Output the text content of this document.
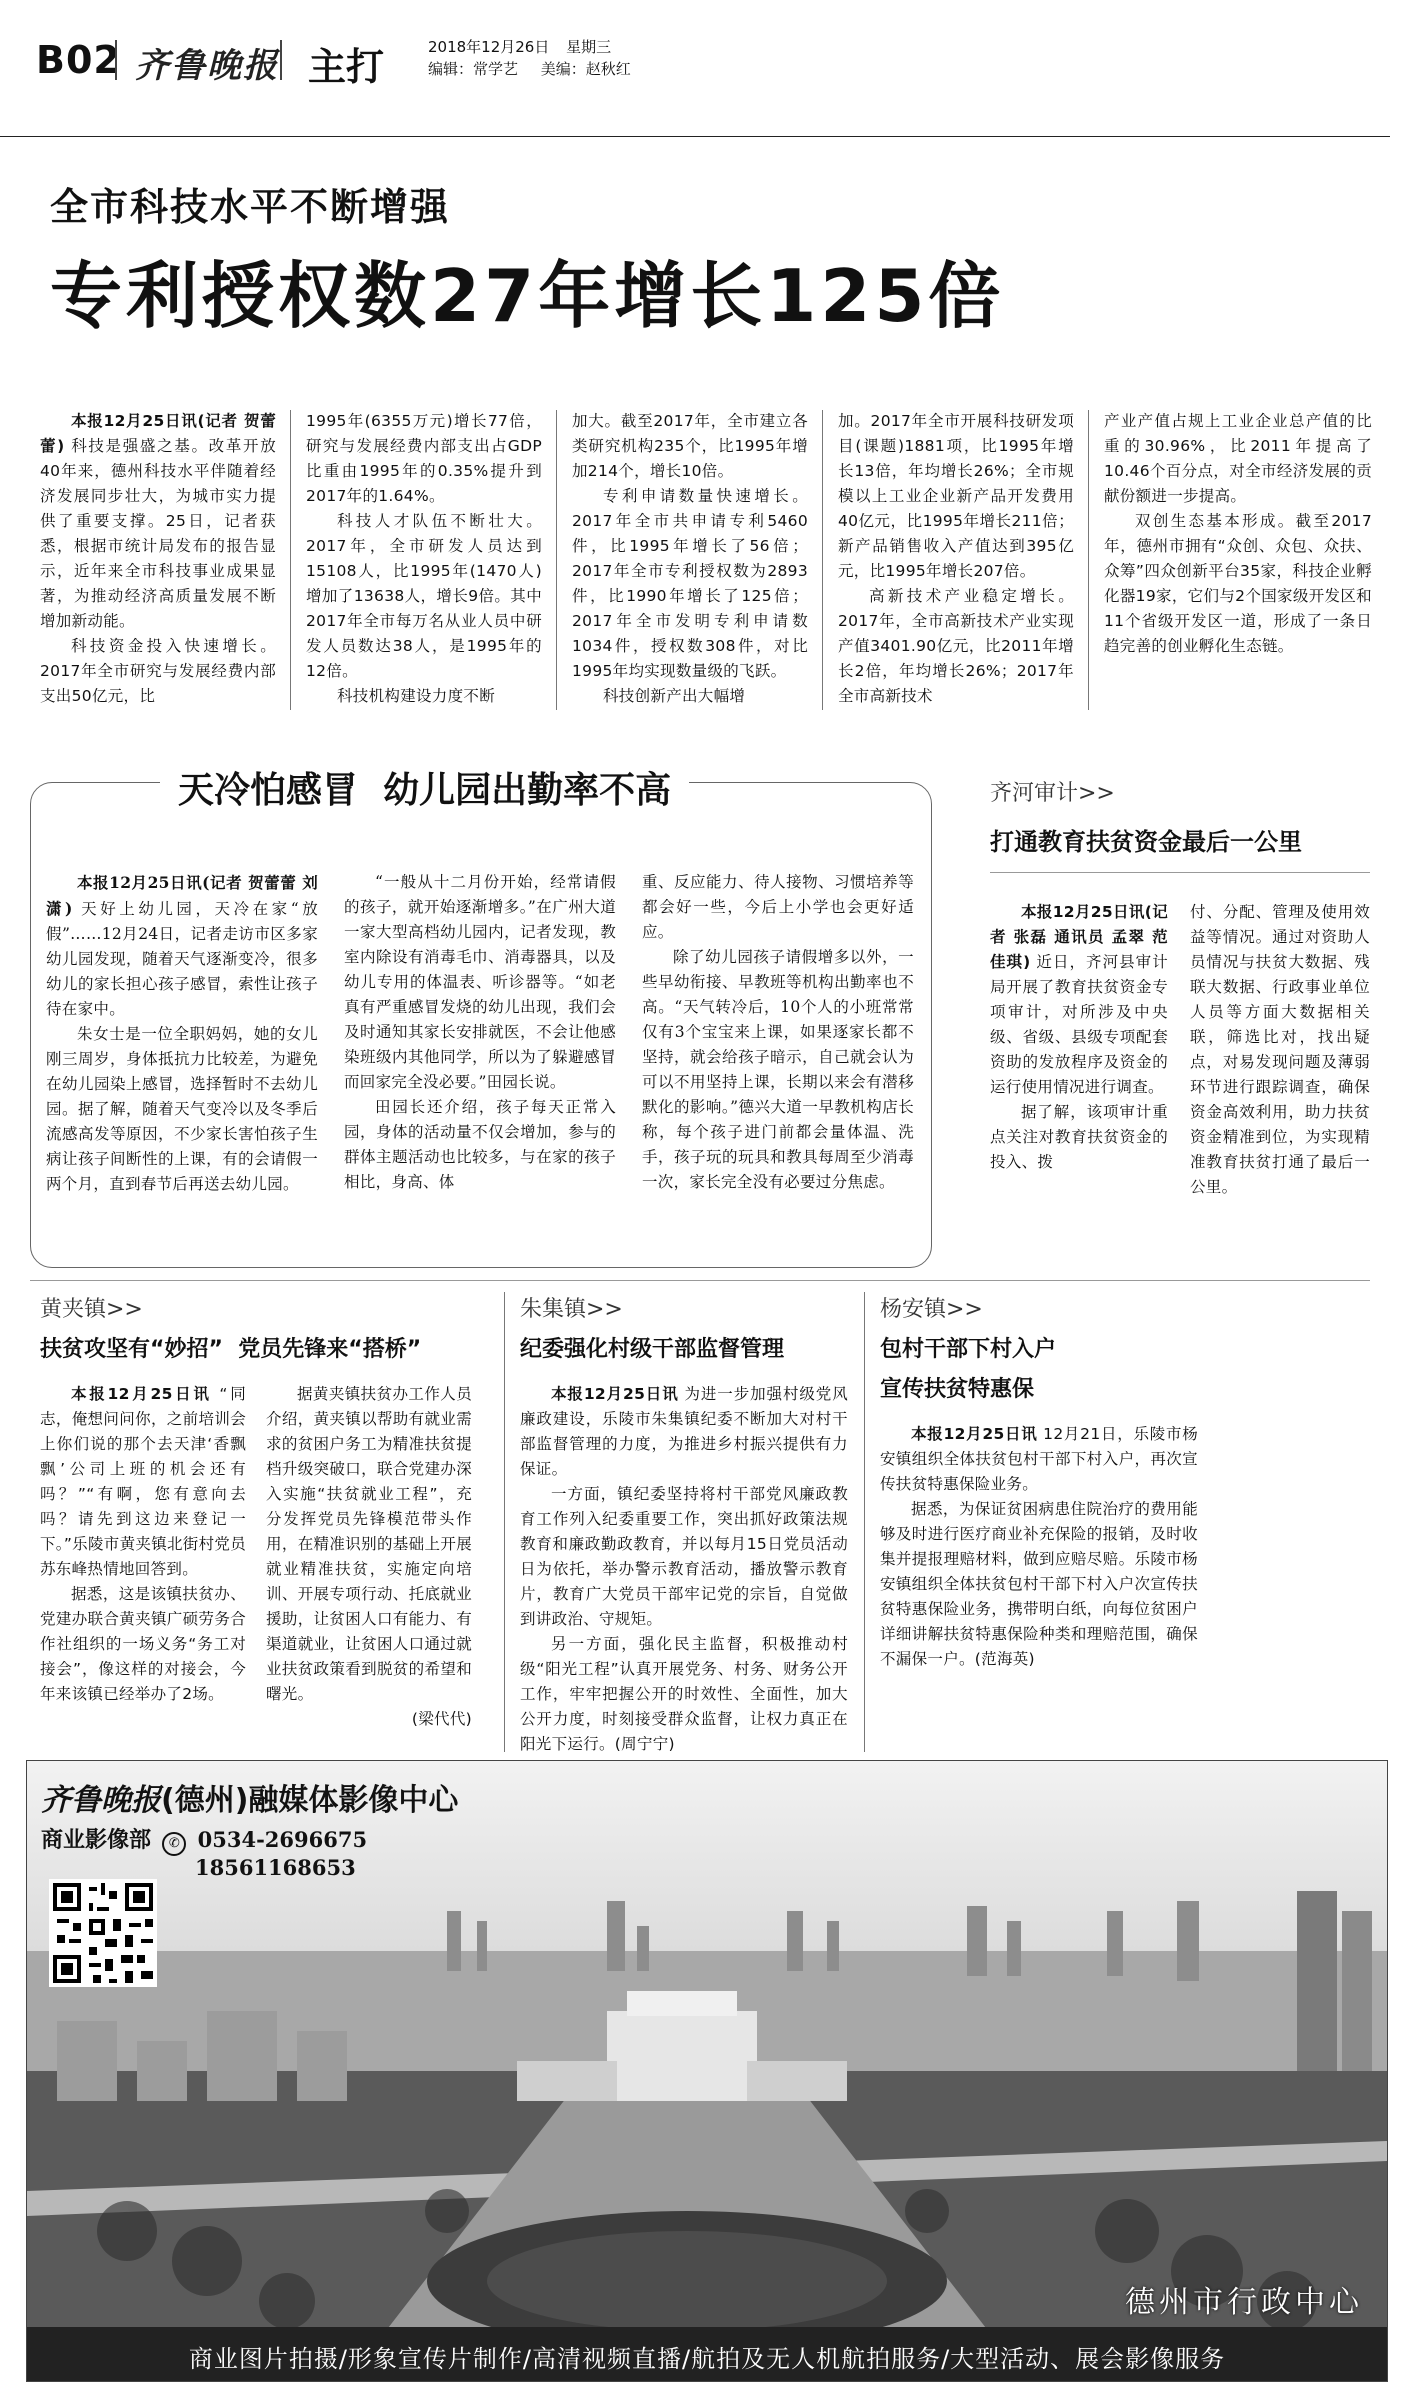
B02 齐鲁晚报 主打	2018年12月26日 星期三
编辑：常学艺 美编：赵秋红
全市科技水平不断增强
专利授权数27年增长125倍

本报12月25日讯(记者 贺蕾蕾) 科技是强盛之基。改革开放40年来，德州科技水平伴随着经济发展同步壮大，为城市实力提供了重要支撑。25日，记者获悉，根据市统计局发布的报告显示，近年来全市科技事业成果显著，为推动经济高质量发展不断增加新动能。

科技资金投入快速增长。2017年全市研究与发展经费内部支出50亿元，比

1995年(6355万元)增长77倍，研究与发展经费内部支出占GDP比重由1995年的0.35%提升到2017年的1.64%。

科技人才队伍不断壮大。2017年，全市研发人员达到15108人，比1995年(1470人)增加了13638人，增长9倍。其中2017年全市每万名从业人员中研发人员数达38人，是1995年的12倍。

科技机构建设力度不断

加大。截至2017年，全市建立各类研究机构235个，比1995年增加214个，增长10倍。

专利申请数量快速增长。2017年全市共申请专利5460件，比1995年增长了56倍；2017年全市专利授权数为2893件，比1990年增长了125倍；2017年全市发明专利申请数1034件，授权数308件，对比1995年均实现数量级的飞跃。

科技创新产出大幅增

加。2017年全市开展科技研发项目(课题)1881项，比1995年增长13倍，年均增长26%；全市规模以上工业企业新产品开发费用40亿元，比1995年增长211倍；新产品销售收入产值达到395亿元，比1995年增长207倍。

高新技术产业稳定增长。2017年，全市高新技术产业实现产值3401.90亿元，比2011年增长2倍，年均增长26%；2017年全市高新技术

产业产值占规上工业企业总产值的比重的30.96%，比2011年提高了10.46个百分点，对全市经济发展的贡献份额进一步提高。

双创生态基本形成。截至2017年，德州市拥有“众创、众包、众扶、众筹”四众创新平台35家，科技企业孵化器19家，它们与2个国家级开发区和11个省级开发区一道，形成了一条日趋完善的创业孵化生态链。

天冷怕感冒  幼儿园出勤率不高

本报12月25日讯(记者 贺蕾蕾 刘潇) 天好上幼儿园，天冷在家“放假”……12月24日，记者走访市区多家幼儿园发现，随着天气逐渐变冷，很多幼儿的家长担心孩子感冒，索性让孩子待在家中。

朱女士是一位全职妈妈，她的女儿刚三周岁，身体抵抗力比较差，为避免在幼儿园染上感冒，选择暂时不去幼儿园。据了解，随着天气变冷以及冬季后流感高发等原因，不少家长害怕孩子生病让孩子间断性的上课，有的会请假一两个月，直到春节后再送去幼儿园。

“一般从十二月份开始，经常请假的孩子，就开始逐渐增多。”在广州大道一家大型高档幼儿园内，记者发现，教室内除设有消毒毛巾、消毒器具，以及幼儿专用的体温表、听诊器等。“如老真有严重感冒发烧的幼儿出现，我们会及时通知其家长安排就医，不会让他感染班级内其他同学，所以为了躲避感冒而回家完全没必要。”田园长说。

田园长还介绍，孩子每天正常入园，身体的活动量不仅会增加，参与的群体主题活动也比较多，与在家的孩子相比，身高、体

重、反应能力、待人接物、习惯培养等都会好一些，今后上小学也会更好适应。

除了幼儿园孩子请假增多以外，一些早幼衔接、早教班等机构出勤率也不高。“天气转冷后，10个人的小班常常仅有3个宝宝来上课，如果逐家长都不坚持，就会给孩子暗示，自己就会认为可以不用坚持上课，长期以来会有潜移默化的影响。”德兴大道一早教机构店长称，每个孩子进门前都会量体温、洗手，孩子玩的玩具和教具每周至少消毒一次，家长完全没有必要过分焦虑。

齐河审计>>
打通教育扶贫资金最后一公里

本报12月25日讯(记者 张磊 通讯员 孟翠 范佳琪) 近日，齐河县审计局开展了教育扶贫资金专项审计，对所涉及中央级、省级、县级专项配套资助的发放程序及资金的运行使用情况进行调查。

据了解，该项审计重点关注对教育扶贫资金的投入、拨

付、分配、管理及使用效益等情况。通过对资助人员情况与扶贫大数据、残联大数据、行政事业单位人员等方面大数据相关联，筛选比对，找出疑点，对易发现问题及薄弱环节进行跟踪调查，确保资金高效利用，助力扶贫资金精准到位，为实现精准教育扶贫打通了最后一公里。

黄夹镇>>
扶贫攻坚有“妙招”  党员先锋来“搭桥”

本报12月25日讯 “同志，俺想问问你，之前培训会上你们说的那个去天津‘香飘飘’公司上班的机会还有吗？”“有啊，您有意向去吗？请先到这边来登记一下。”乐陵市黄夹镇北街村党员苏东峰热情地回答到。

据悉，这是该镇扶贫办、党建办联合黄夹镇广硕劳务合作社组织的一场义务“务工对接会”，像这样的对接会，今年来该镇已经举办了2场。

据黄夹镇扶贫办工作人员介绍，黄夹镇以帮助有就业需求的贫困户务工为精准扶贫提档升级突破口，联合党建办深入实施“扶贫就业工程”，充分发挥党员先锋模范带头作用，在精准识别的基础上开展就业精准扶贫，实施定向培训、开展专项行动、托底就业援助，让贫困人口有能力、有渠道就业，让贫困人口通过就业扶贫政策看到脱贫的希望和曙光。

(梁代代)

朱集镇>>
纪委强化村级干部监督管理

本报12月25日讯 为进一步加强村级党风廉政建设，乐陵市朱集镇纪委不断加大对村干部监督管理的力度，为推进乡村振兴提供有力保证。

一方面，镇纪委坚持将村干部党风廉政教育工作列入纪委重要工作，突出抓好政策法规教育和廉政勤政教育，并以每月15日党员活动日为依托，举办警示教育活动，播放警示教育片，教育广大党员干部牢记党的宗旨，自觉做到讲政治、守规矩。

另一方面，强化民主监督，积极推动村级“阳光工程”认真开展党务、村务、财务公开工作，牢牢把握公开的时效性、全面性，加大公开力度，时刻接受群众监督，让权力真正在阳光下运行。(周宁宁)

杨安镇>>
包村干部下村入户
宣传扶贫特惠保

本报12月25日讯 12月21日，乐陵市杨安镇组织全体扶贫包村干部下村入户，再次宣传扶贫特惠保险业务。

据悉，为保证贫困病患住院治疗的费用能够及时进行医疗商业补充保险的报销，及时收集并提报理赔材料，做到应赔尽赔。乐陵市杨安镇组织全体扶贫包村干部下村入户次宣传扶贫特惠保险业务，携带明白纸，向每位贫困户详细讲解扶贫特惠保险种类和理赔范围，确保不漏保一户。(范海英)

齐鲁晚报(德州)融媒体影像中心
商业影像部 ✆ 0534-2696675
18561168653
德州市行政中心
商业图片拍摄/形象宣传片制作/高清视频直播/航拍及无人机航拍服务/大型活动、展会影像服务
